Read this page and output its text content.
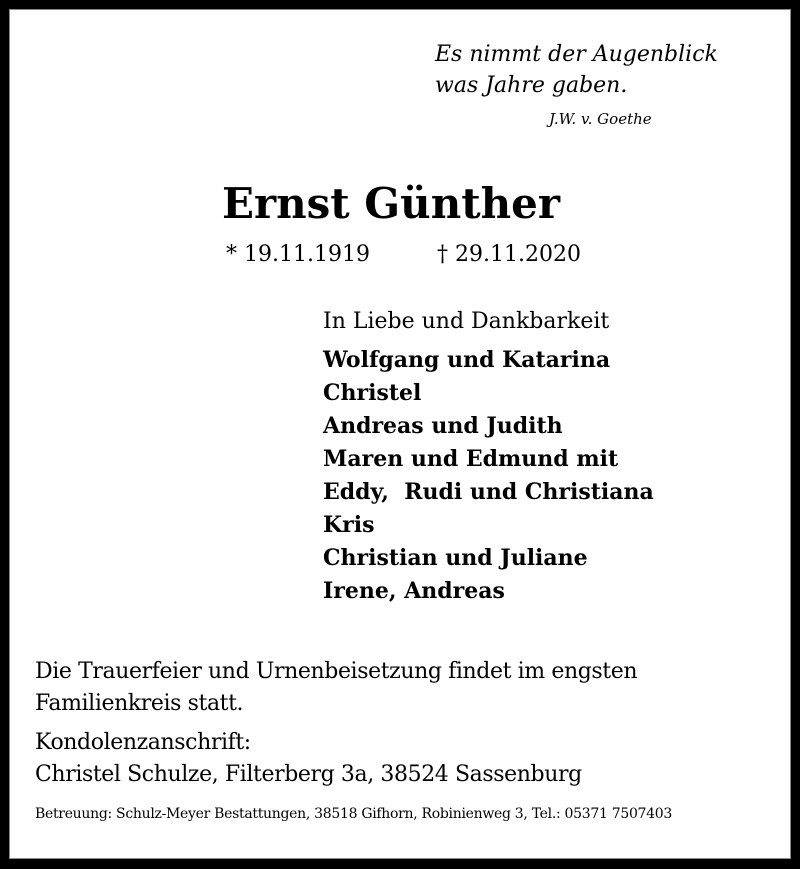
Es nimmt der Augenblick
was Jahre gaben.
J.W. v. Goethe
Ernst Günther
* 19.11.1919	† 29.11.2020
In Liebe und Dankbarkeit
Wolfgang und Katarina
Christel
Andreas und Judith
Maren und Edmund mit
Eddy,  Rudi und Christiana
Kris
Christian und Juliane
Irene, Andreas
Die Trauerfeier und Urnenbeisetzung findet im engsten
Familienkreis statt.
Kondolenzanschrift:
Christel Schulze, Filterberg 3a, 38524 Sassenburg
Betreuung: Schulz-Meyer Bestattungen, 38518 Gifhorn, Robinienweg 3, Tel.: 05371 7507403
